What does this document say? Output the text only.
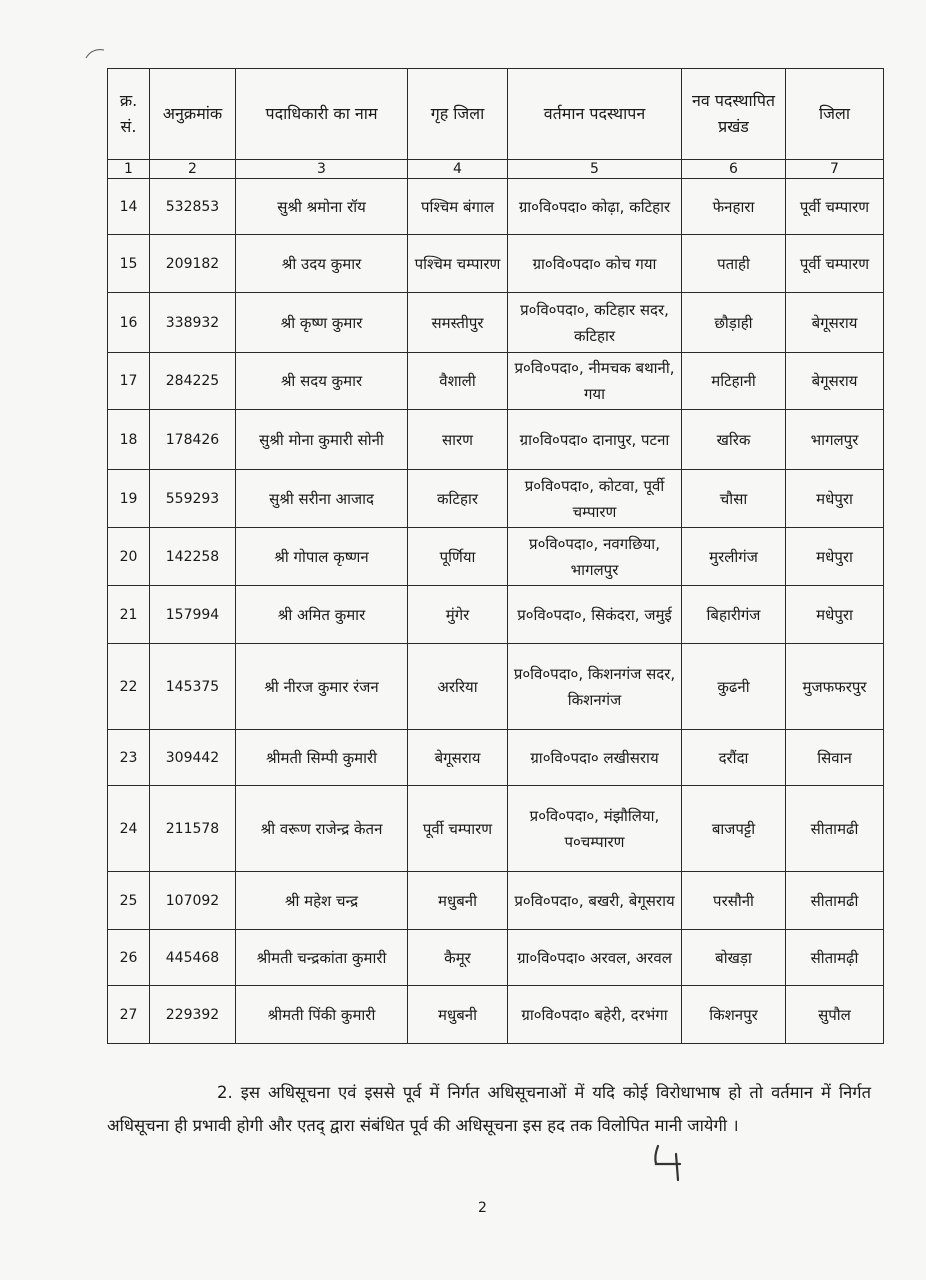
क्र. सं.	अनुक्रमांक	पदाधिकारी का नाम	गृह जिला	वर्तमान पदस्थापन	नव पदस्थापित प्रखंड	जिला
1	2	3	4	5	6	7
14	532853	सुश्री श्रमोना रॉय	पश्चिम बंगाल	ग्रा०वि०पदा० कोढ़ा, कटिहार	फेनहारा	पूर्वी चम्पारण
15	209182	श्री उदय कुमार	पश्चिम चम्पारण	ग्रा०वि०पदा० कोच गया	पताही	पूर्वी चम्पारण
16	338932	श्री कृष्ण कुमार	समस्तीपुर	प्र०वि०पदा०, कटिहार सदर, कटिहार	छौड़ाही	बेगूसराय
17	284225	श्री सदय कुमार	वैशाली	प्र०वि०पदा०, नीमचक बथानी, गया	मटिहानी	बेगूसराय
18	178426	सुश्री मोना कुमारी सोनी	सारण	ग्रा०वि०पदा० दानापुर, पटना	खरिक	भागलपुर
19	559293	सुश्री सरीना आजाद	कटिहार	प्र०वि०पदा०, कोटवा, पूर्वी चम्पारण	चौसा	मधेपुरा
20	142258	श्री गोपाल कृष्णन	पूर्णिया	प्र०वि०पदा०, नवगछिया, भागलपुर	मुरलीगंज	मधेपुरा
21	157994	श्री अमित कुमार	मुंगेर	प्र०वि०पदा०, सिकंदरा, जमुई	बिहारीगंज	मधेपुरा
22	145375	श्री नीरज कुमार रंजन	अररिया	प्र०वि०पदा०, किशनगंज सदर, किशनगंज	कुढनी	मुजफफरपुर
23	309442	श्रीमती सिम्पी कुमारी	बेगूसराय	ग्रा०वि०पदा० लखीसराय	दरौंदा	सिवान
24	211578	श्री वरूण राजेन्द्र केतन	पूर्वी चम्पारण	प्र०वि०पदा०, मंझौलिया, प०चम्पारण	बाजपट्टी	सीतामढी
25	107092	श्री महेश चन्द्र	मधुबनी	प्र०वि०पदा०, बखरी, बेगूसराय	परसौनी	सीतामढी
26	445468	श्रीमती चन्द्रकांता कुमारी	कैमूर	ग्रा०वि०पदा० अरवल, अरवल	बोखड़ा	सीतामढ़ी
27	229392	श्रीमती पिंकी कुमारी	मधुबनी	ग्रा०वि०पदा० बहेरी, दरभंगा	किशनपुर	सुपौल
2. इस अधिसूचना एवं इससे पूर्व में निर्गत अधिसूचनाओं में यदि कोई विरोधाभाष हो तो वर्तमान में निर्गत अधिसूचना ही प्रभावी होगी और एतद् द्वारा संबंधित पूर्व की अधिसूचना इस हद तक विलोपित मानी जायेगी ।
2
